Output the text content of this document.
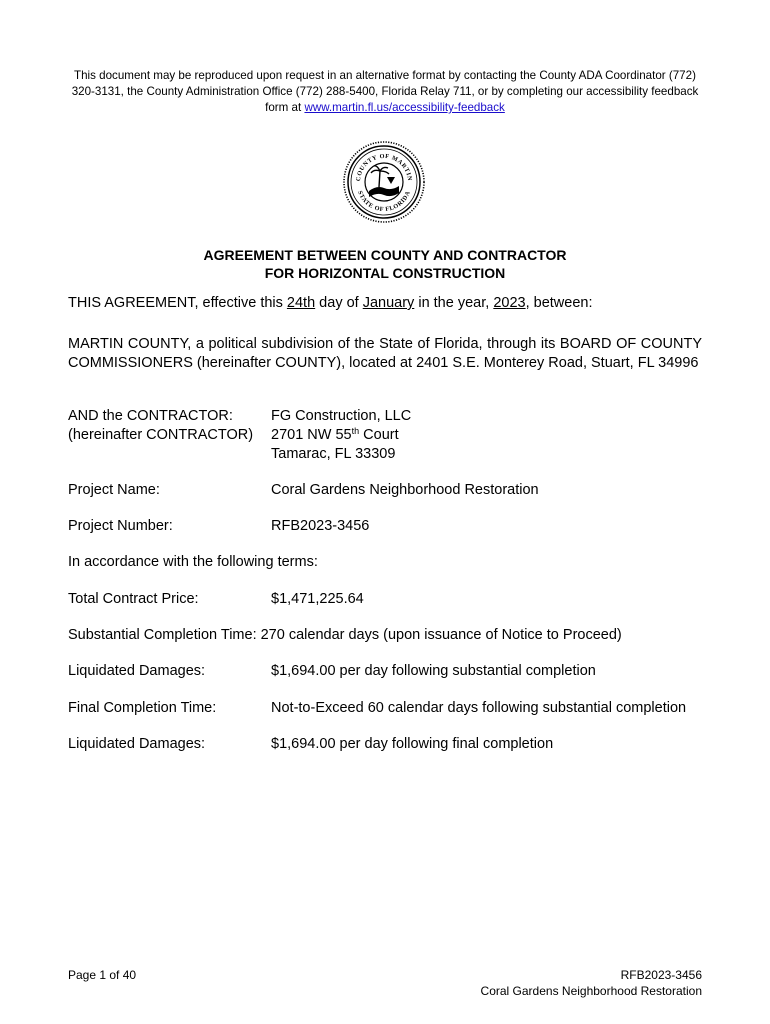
This document may be reproduced upon request in an alternative format by contacting the County ADA Coordinator (772) 320-3131, the County Administration Office (772) 288-5400, Florida Relay 711, or by completing our accessibility feedback form at www.martin.fl.us/accessibility-feedback
COUNTY OF MARTIN
STATE OF FLORIDA
AGREEMENT BETWEEN COUNTY AND CONTRACTOR
FOR HORIZONTAL CONSTRUCTION
THIS AGREEMENT, effective this 24th day of January in the year, 2023, between:
MARTIN COUNTY, a political subdivision of the State of Florida, through its BOARD OF COUNTY COMMISSIONERS (hereinafter COUNTY), located at 2401 S.E. Monterey Road, Stuart, FL 34996
AND the CONTRACTOR:	FG Construction, LLC
(hereinafter CONTRACTOR) 2701 NW 55th Court
Tamarac, FL 33309
Project Name:	Coral Gardens Neighborhood Restoration
Project Number:	RFB2023-3456
In accordance with the following terms:
Total Contract Price:	$1,471,225.64
Substantial Completion Time: 270 calendar days (upon issuance of Notice to Proceed)
Liquidated Damages:	$1,694.00 per day following substantial completion
Final Completion Time:	Not-to-Exceed 60 calendar days following substantial completion
Liquidated Damages:	$1,694.00 per day following final completion
Page 1 of 40	RFB2023-3456
Coral Gardens Neighborhood Restoration
